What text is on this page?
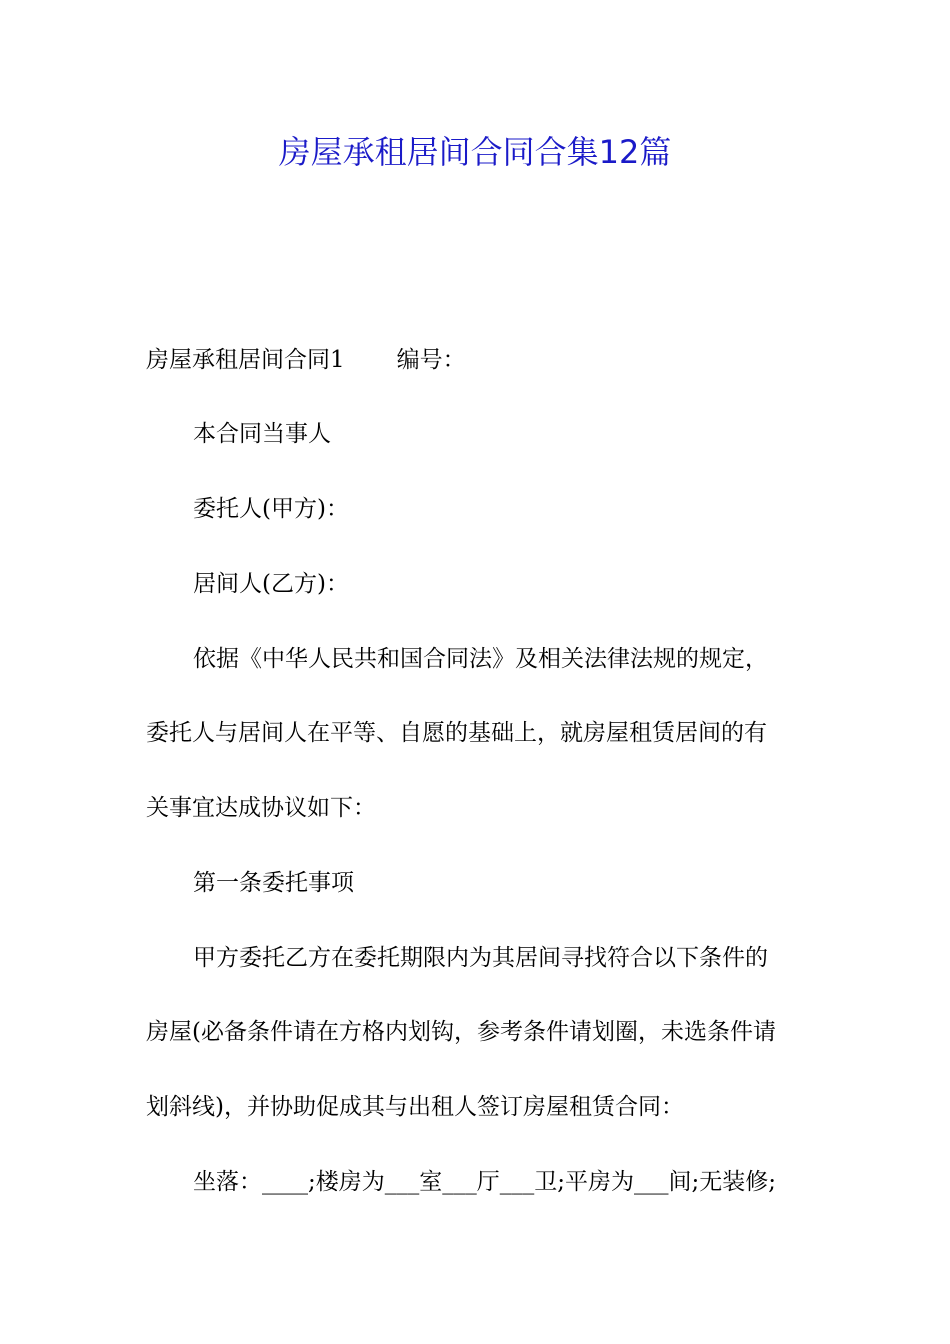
房屋承租居间合同合集12篇
房屋承租居间合同1 编号：
本合同当事人
委托人(甲方)：
居间人(乙方)：
依据《中华人民共和国合同法》及相关法律法规的规定，
委托人与居间人在平等、自愿的基础上，就房屋租赁居间的有
关事宜达成协议如下：
第一条委托事项
甲方委托乙方在委托期限内为其居间寻找符合以下条件的
房屋(必备条件请在方格内划钩，参考条件请划圈，未选条件请
划斜线)，并协助促成其与出租人签订房屋租赁合同：
坐落：____;楼房为___室___厅___卫;平房为___间;无装修;
